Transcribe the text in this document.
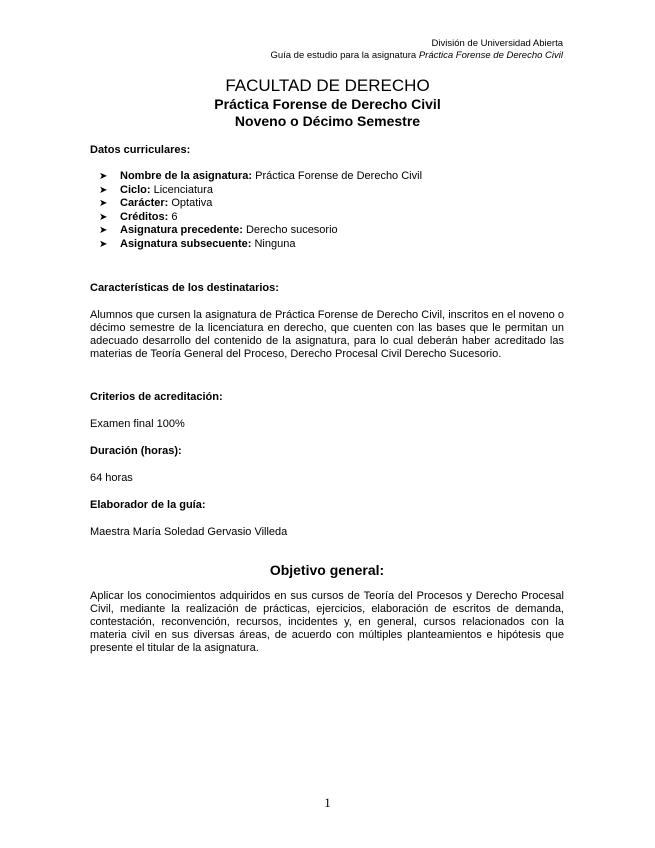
División de Universidad Abierta
Guía de estudio para la asignatura Práctica Forense de Derecho Civil
FACULTAD DE DERECHO
Práctica Forense de Derecho Civil
Noveno o Décimo Semestre
Datos curriculares:
➤ Nombre de la asignatura: Práctica Forense de Derecho Civil
➤ Ciclo: Licenciatura
➤ Carácter: Optativa
➤ Créditos: 6
➤ Asignatura precedente: Derecho sucesorio
➤ Asignatura subsecuente: Ninguna
Características de los destinatarios:

Alumnos que cursen la asignatura de Práctica Forense de Derecho Civil, inscritos en el noveno o décimo semestre de la licenciatura en derecho, que cuenten con las bases que le permitan un adecuado desarrollo del contenido de la asignatura, para lo cual deberán haber acreditado las materias de Teoría General del Proceso, Derecho Procesal Civil Derecho Sucesorio.

Criterios de acreditación:
Examen final 100%
Duración (horas):
64 horas
Elaborador de la guía:
Maestra María Soledad Gervasio Villeda
Objetivo general:

Aplicar los conocimientos adquiridos en sus cursos de Teoría del Procesos y Derecho Procesal Civil, mediante la realización de prácticas, ejercicios, elaboración de escritos de demanda, contestación, reconvención, recursos, incidentes y, en general, cursos relacionados con la materia civil en sus diversas áreas, de acuerdo con múltiples planteamientos e hipótesis que presente el titular de la asignatura.

1
